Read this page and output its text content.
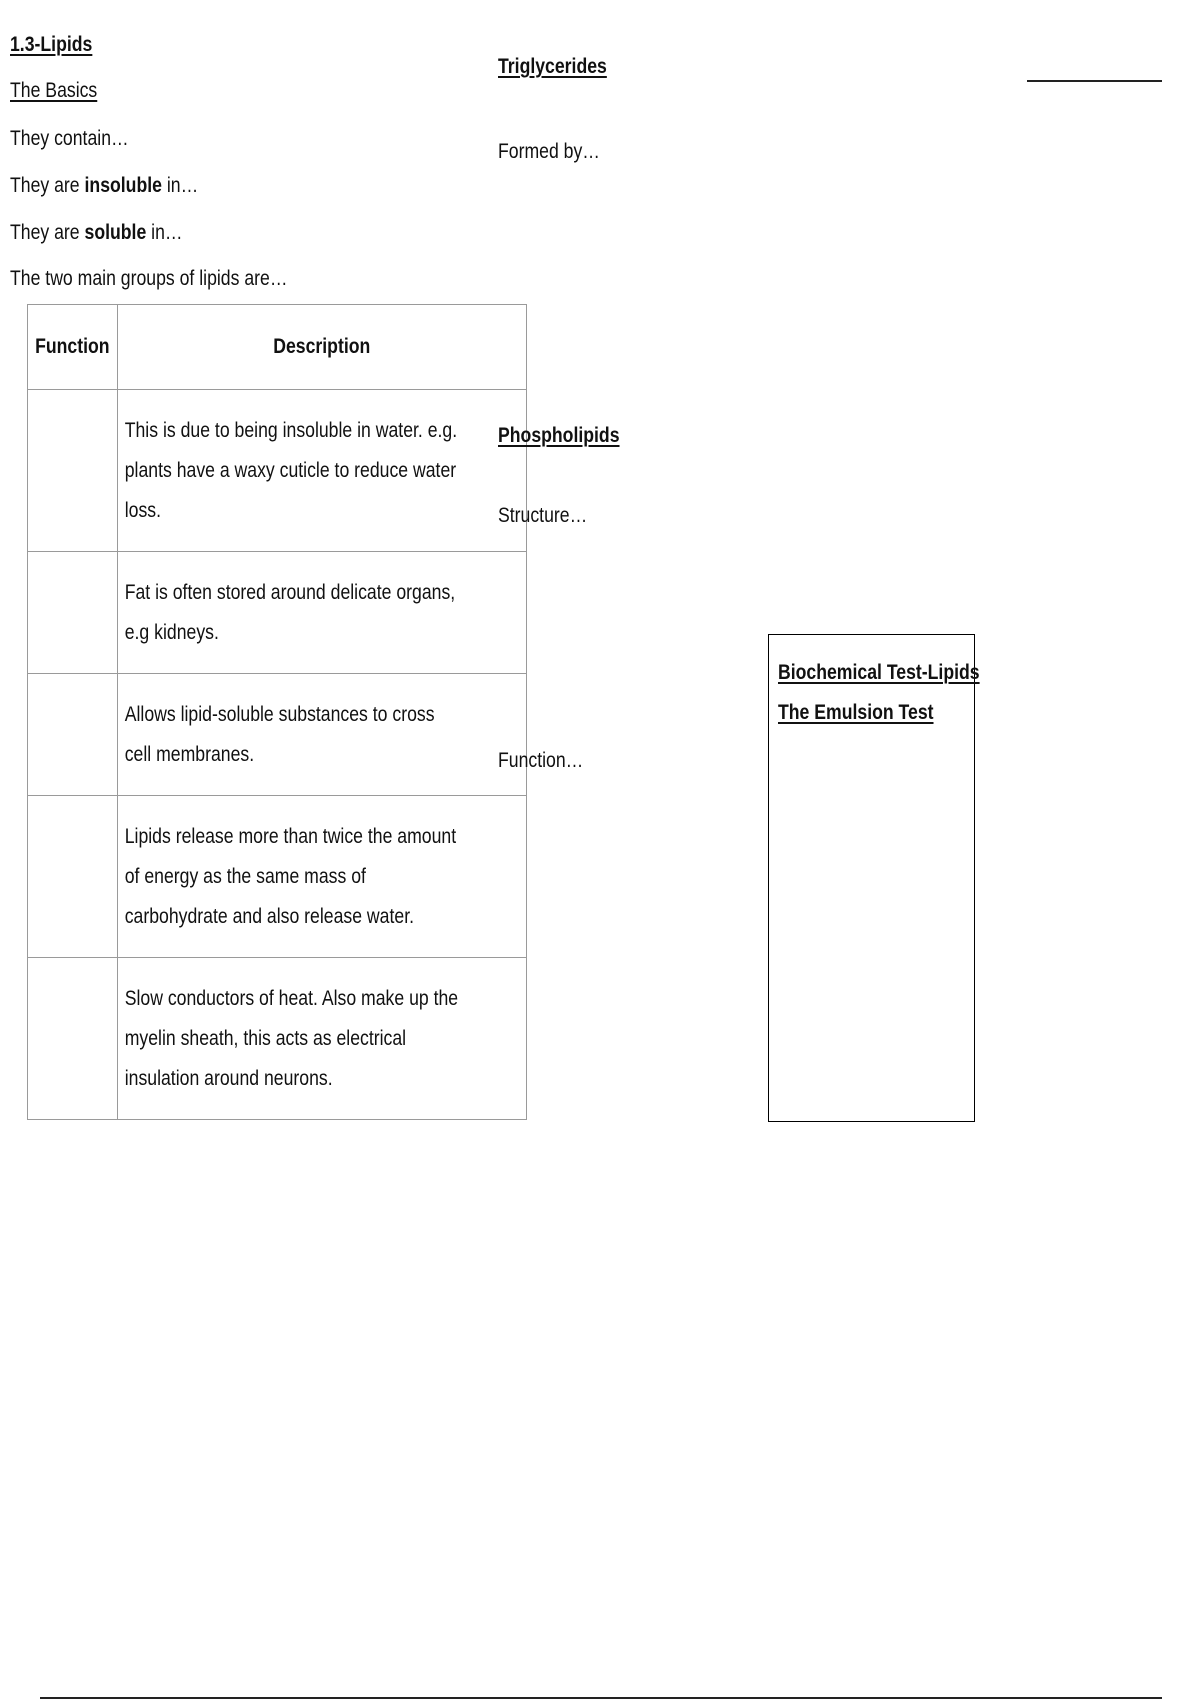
1.3-Lipids
The Basics
They contain…
They are insoluble in…
They are soluble in…
The two main groups of lipids are…
Function	Description

	This is due to being insoluble in water. e.g. plants have a waxy cuticle to reduce water loss.

	Fat is often stored around delicate organs, e.g kidneys.

	Allows lipid-soluble substances to cross cell membranes.

	Lipids release more than twice the amount of energy as the same mass of carbohydrate and also release water.

	Slow conductors of heat. Also make up the myelin sheath, this acts as electrical insulation around neurons.
Triglycerides
Formed by…
Phospholipids
Structure…
Function…
Biochemical Test-Lipids
The Emulsion Test
